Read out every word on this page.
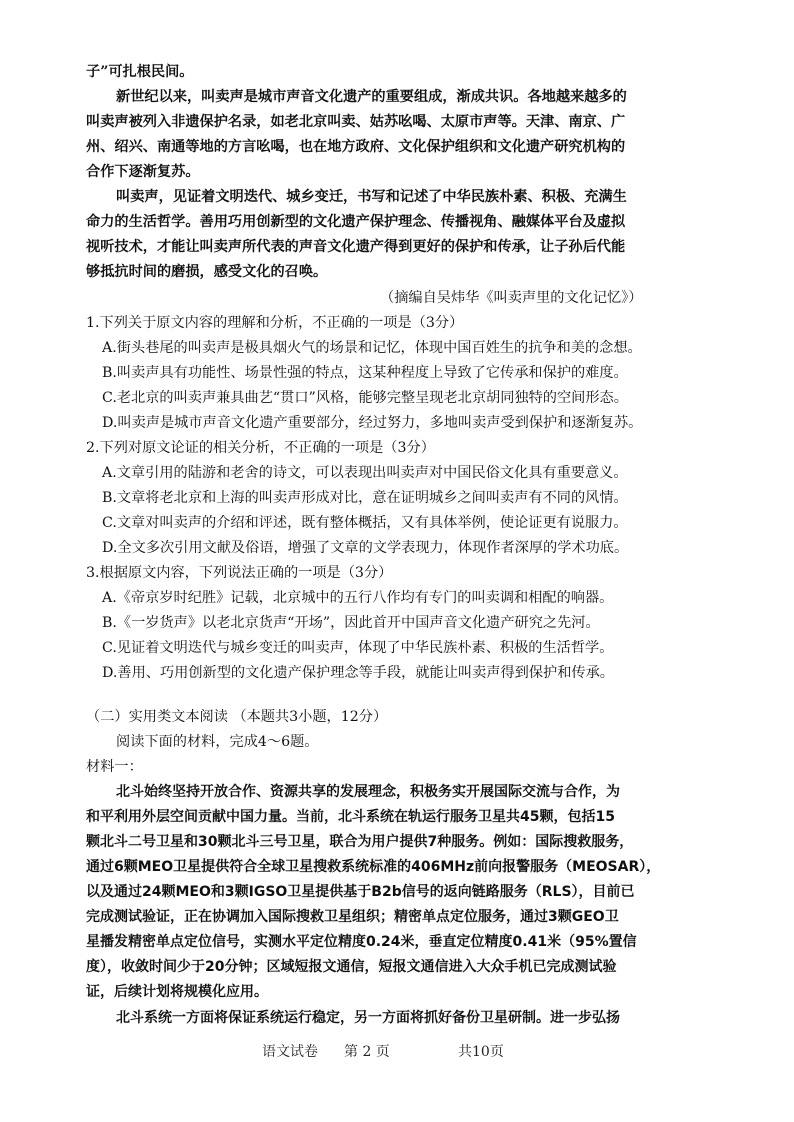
子”可扎根民间。
新世纪以来，叫卖声是城市声音文化遗产的重要组成，渐成共识。各地越来越多的
叫卖声被列入非遗保护名录，如老北京叫卖、姑苏吆喝、太原市声等。天津、南京、广
州、绍兴、南通等地的方言吆喝，也在地方政府、文化保护组织和文化遗产研究机构的
合作下逐渐复苏。
叫卖声，见证着文明迭代、城乡变迁，书写和记述了中华民族朴素、积极、充满生
命力的生活哲学。善用巧用创新型的文化遗产保护理念、传播视角、融媒体平台及虚拟
视听技术，才能让叫卖声所代表的声音文化遗产得到更好的保护和传承，让子孙后代能
够抵抗时间的磨损，感受文化的召唤。
（摘编自吴炜华《叫卖声里的文化记忆》）
1.下列关于原文内容的理解和分析，不正确的一项是（3分）
A.街头巷尾的叫卖声是极具烟火气的场景和记忆，体现中国百姓生的抗争和美的念想。
B.叫卖声具有功能性、场景性强的特点，这某种程度上导致了它传承和保护的难度。
C.老北京的叫卖声兼具曲艺“贯口”风格，能够完整呈现老北京胡同独特的空间形态。
D.叫卖声是城市声音文化遗产重要部分，经过努力，多地叫卖声受到保护和逐渐复苏。
2.下列对原文论证的相关分析，不正确的一项是（3分）
A.文章引用的陆游和老舍的诗文，可以表现出叫卖声对中国民俗文化具有重要意义。
B.文章将老北京和上海的叫卖声形成对比，意在证明城乡之间叫卖声有不同的风情。
C.文章对叫卖声的介绍和评述，既有整体概括，又有具体举例，使论证更有说服力。
D.全文多次引用文献及俗语，增强了文章的文学表现力，体现作者深厚的学术功底。
3.根据原文内容，下列说法正确的一项是（3分）
A.《帝京岁时纪胜》记载，北京城中的五行八作均有专门的叫卖调和相配的响器。
B.《一岁货声》以老北京货声“开场”，因此首开中国声音文化遗产研究之先河。
C.见证着文明迭代与城乡变迁的叫卖声，体现了中华民族朴素、积极的生活哲学。
D.善用、巧用创新型的文化遗产保护理念等手段，就能让叫卖声得到保护和传承。
（二）实用类文本阅读 （本题共3小题，12分）
阅读下面的材料，完成4～6题。
材料一：
北斗始终坚持开放合作、资源共享的发展理念，积极务实开展国际交流与合作，为
和平利用外层空间贡献中国力量。当前，北斗系统在轨运行服务卫星共45颗，包括15
颗北斗二号卫星和30颗北斗三号卫星，联合为用户提供7种服务。例如：国际搜救服务，
通过6颗MEO卫星提供符合全球卫星搜救系统标准的406MHz前向报警服务（MEOSAR），
以及通过24颗MEO和3颗IGSO卫星提供基于B2b信号的返向链路服务（RLS），目前已
完成测试验证，正在协调加入国际搜救卫星组织；精密单点定位服务，通过3颗GEO卫
星播发精密单点定位信号，实测水平定位精度0.24米，垂直定位精度0.41米（95%置信
度），收敛时间少于20分钟；区域短报文通信，短报文通信进入大众手机已完成测试验
证，后续计划将规模化应用。
北斗系统一方面将保证系统运行稳定，另一方面将抓好备份卫星研制。进一步弘扬
语文试卷 第 2 页	共10页
